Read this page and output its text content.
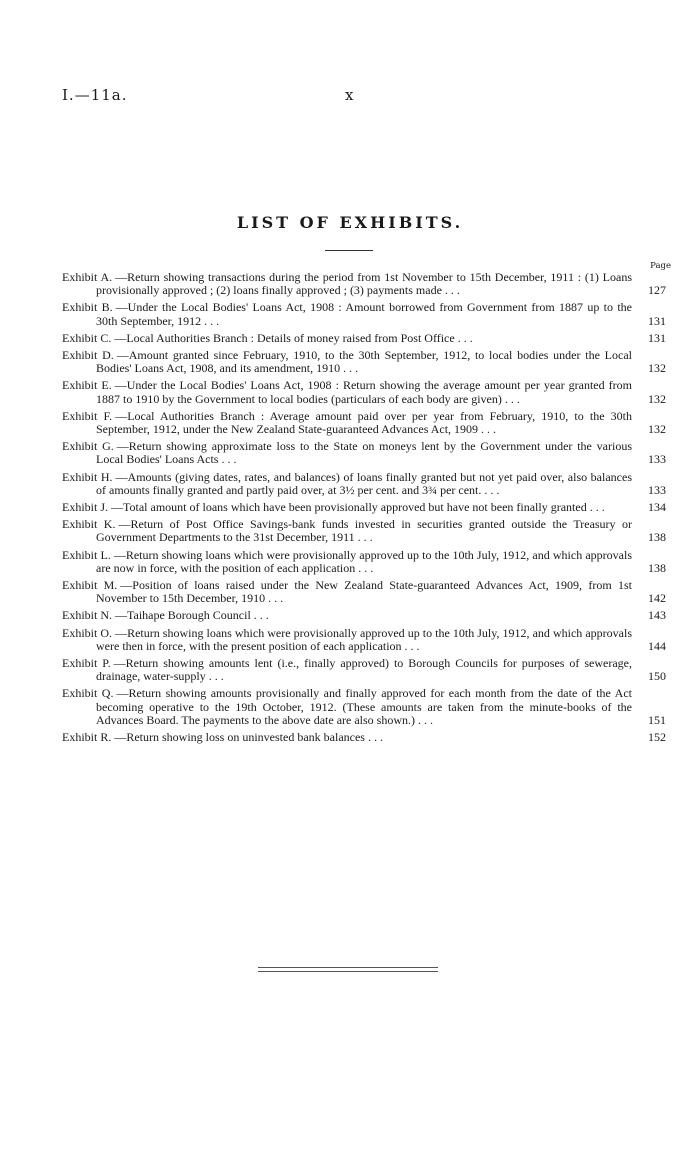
I.—11a.	x

LIST OF EXHIBITS.

Page

Exhibit A. —Return showing transactions during the period from 1st November to 15th December, 1911 : (1) Loans provisionally approved ; (2) loans finally approved ; (3) payments made . . .	127
Exhibit B. —Under the Local Bodies' Loans Act, 1908 : Amount borrowed from Government from 1887 up to the 30th September, 1912 . . .	131
Exhibit C. —Local Authorities Branch : Details of money raised from Post Office . . .	131
Exhibit D. —Amount granted since February, 1910, to the 30th September, 1912, to local bodies under the Local Bodies' Loans Act, 1908, and its amendment, 1910 . . .	132
Exhibit E. —Under the Local Bodies' Loans Act, 1908 : Return showing the average amount per year granted from 1887 to 1910 by the Government to local bodies (particulars of each body are given) . . .	132
Exhibit F. —Local Authorities Branch : Average amount paid over per year from February, 1910, to the 30th September, 1912, under the New Zealand State-guaranteed Advances Act, 1909 . . .	132
Exhibit G. —Return showing approximate loss to the State on moneys lent by the Government under the various Local Bodies' Loans Acts . . .	133
Exhibit H. —Amounts (giving dates, rates, and balances) of loans finally granted but not yet paid over, also balances of amounts finally granted and partly paid over, at 3½ per cent. and 3¾ per cent. . . .	133
Exhibit J. —Total amount of loans which have been provisionally approved but have not been finally granted . . .	134
Exhibit K. —Return of Post Office Savings-bank funds invested in securities granted outside the Treasury or Government Departments to the 31st December, 1911 . . .	138
Exhibit L. —Return showing loans which were provisionally approved up to the 10th July, 1912, and which approvals are now in force, with the position of each application . . .	138
Exhibit M. —Position of loans raised under the New Zealand State-guaranteed Advances Act, 1909, from 1st November to 15th December, 1910 . . .	142
Exhibit N. —Taihape Borough Council . . .	143
Exhibit O. —Return showing loans which were provisionally approved up to the 10th July, 1912, and which approvals were then in force, with the present position of each application . . .	144
Exhibit P. —Return showing amounts lent (i.e., finally approved) to Borough Councils for purposes of sewerage, drainage, water-supply . . .	150
Exhibit Q. —Return showing amounts provisionally and finally approved for each month from the date of the Act becoming operative to the 19th October, 1912. (These amounts are taken from the minute-books of the Advances Board. The payments to the above date are also shown.) . . .	151
Exhibit R. —Return showing loss on uninvested bank balances . . .	152
